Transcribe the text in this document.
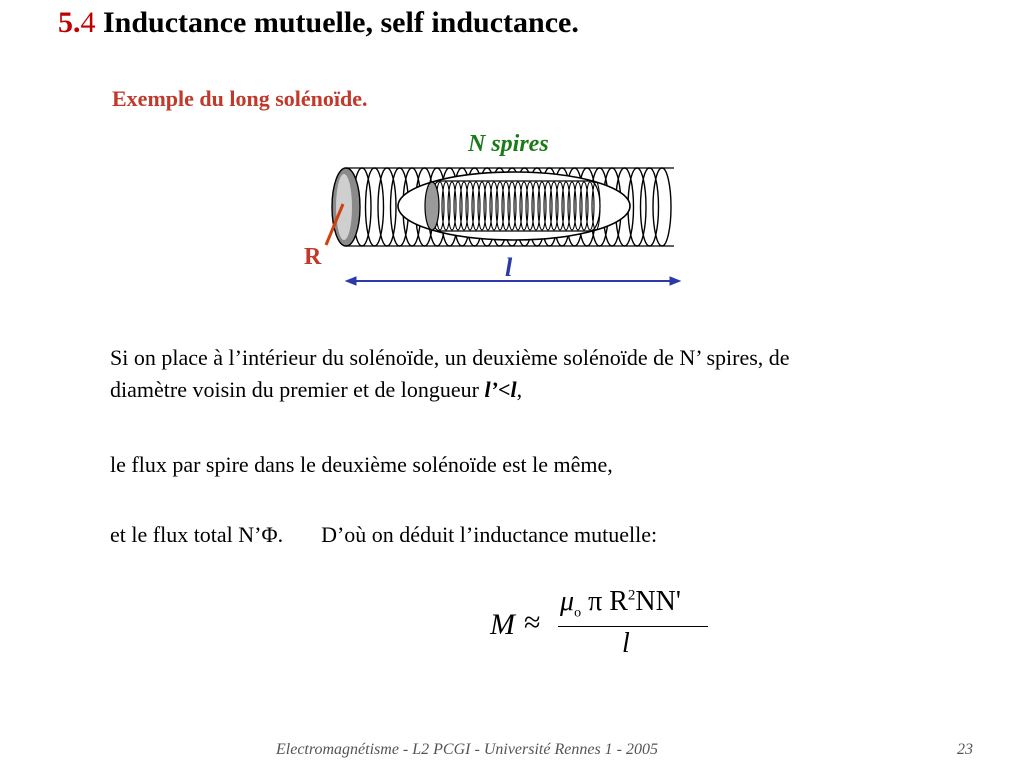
5.4 Inductance mutuelle, self inductance.
Exemple du long solénoïde.
N spires
R	l
Si on place à l’intérieur du solénoïde, un deuxième solénoïde de N’ spires, de
diamètre voisin du premier et de longueur l’<l,
le flux par spire dans le deuxième solénoïde est le même,
et le flux total N’Φ. D’où on déduit l’inductance mutuelle:
M ≈
$\mu_o$ π $R^2NN'$
l
Electromagnétisme - L2 PCGI - Université Rennes 1 - 2005	23
